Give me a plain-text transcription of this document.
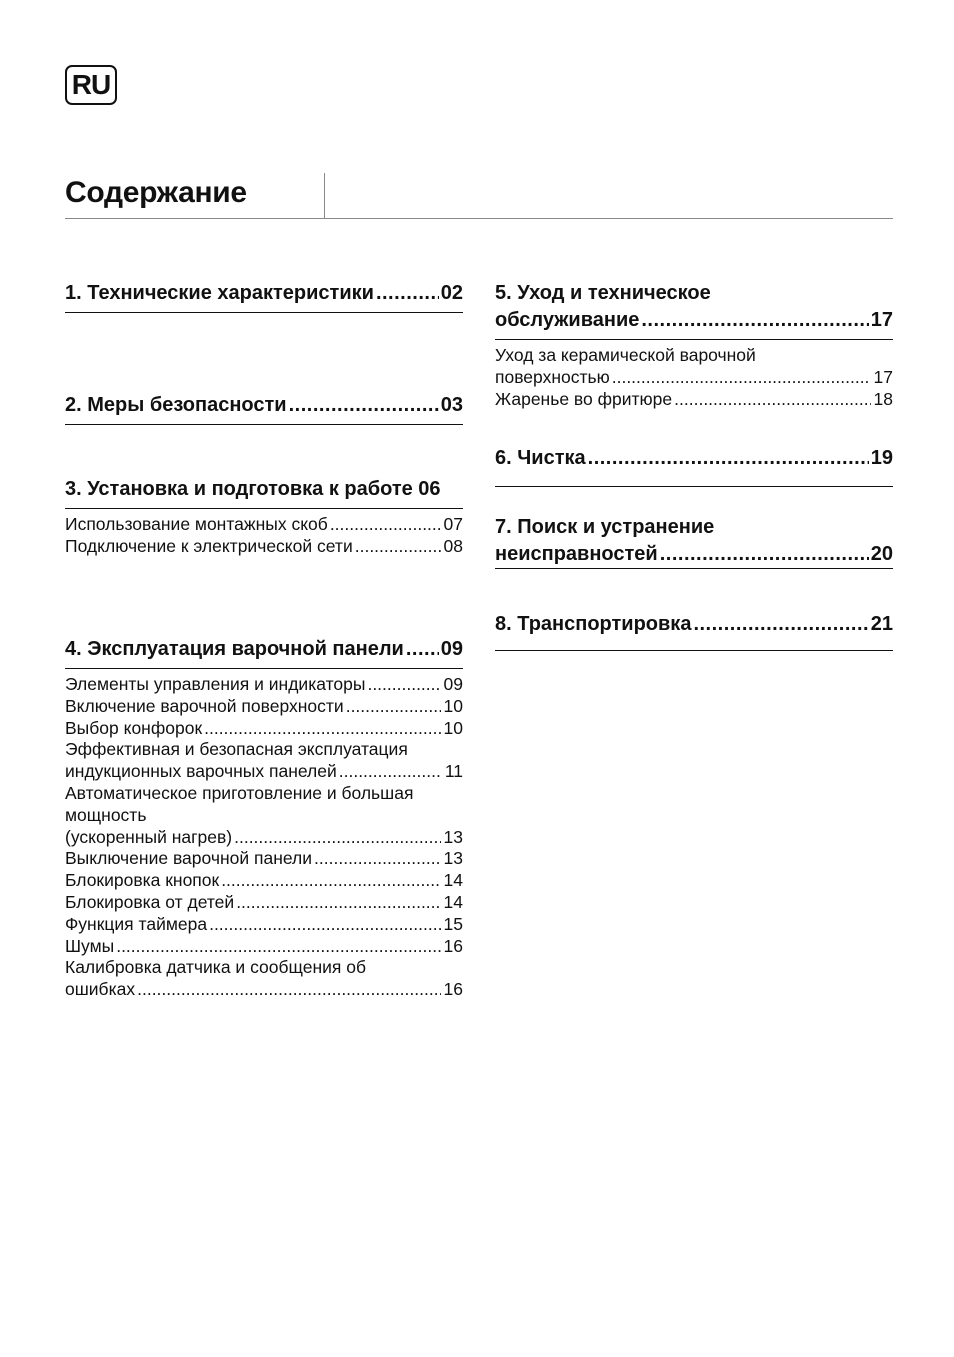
RU
Содержание
1. Технические характеристики .....	02
2. Меры безопасности .....	03
3. Установка и подготовка к работе 06
Использование монтажных скоб .....	07
Подключение к электрической сети .....	08
4. Эксплуатация варочной панели ..... 09
Элементы управления и индикаторы .....	09
Включение варочной поверхности .....	10
Выбор конфорок .....	10
Эффективная и безопасная эксплуатация
индукционных варочных панелей .....	11
Автоматическое приготовление и большая
мощность
(ускоренный нагрев) .....	13
Выключение варочной панели .....	13
Блокировка кнопок .....	14
Блокировка от детей .....	14
Функция таймера .....	15
Шумы .....	16
Калибровка датчика и сообщения об
ошибках .....	16
5. Уход и техническое
обслуживание .....	17
Уход за керамической варочной
поверхностью .....	17
Жаренье во фритюре .....	18
6. Чистка .....	19
7. Поиск и устранение
неисправностей .....	20
8. Транспортировка .....	21
